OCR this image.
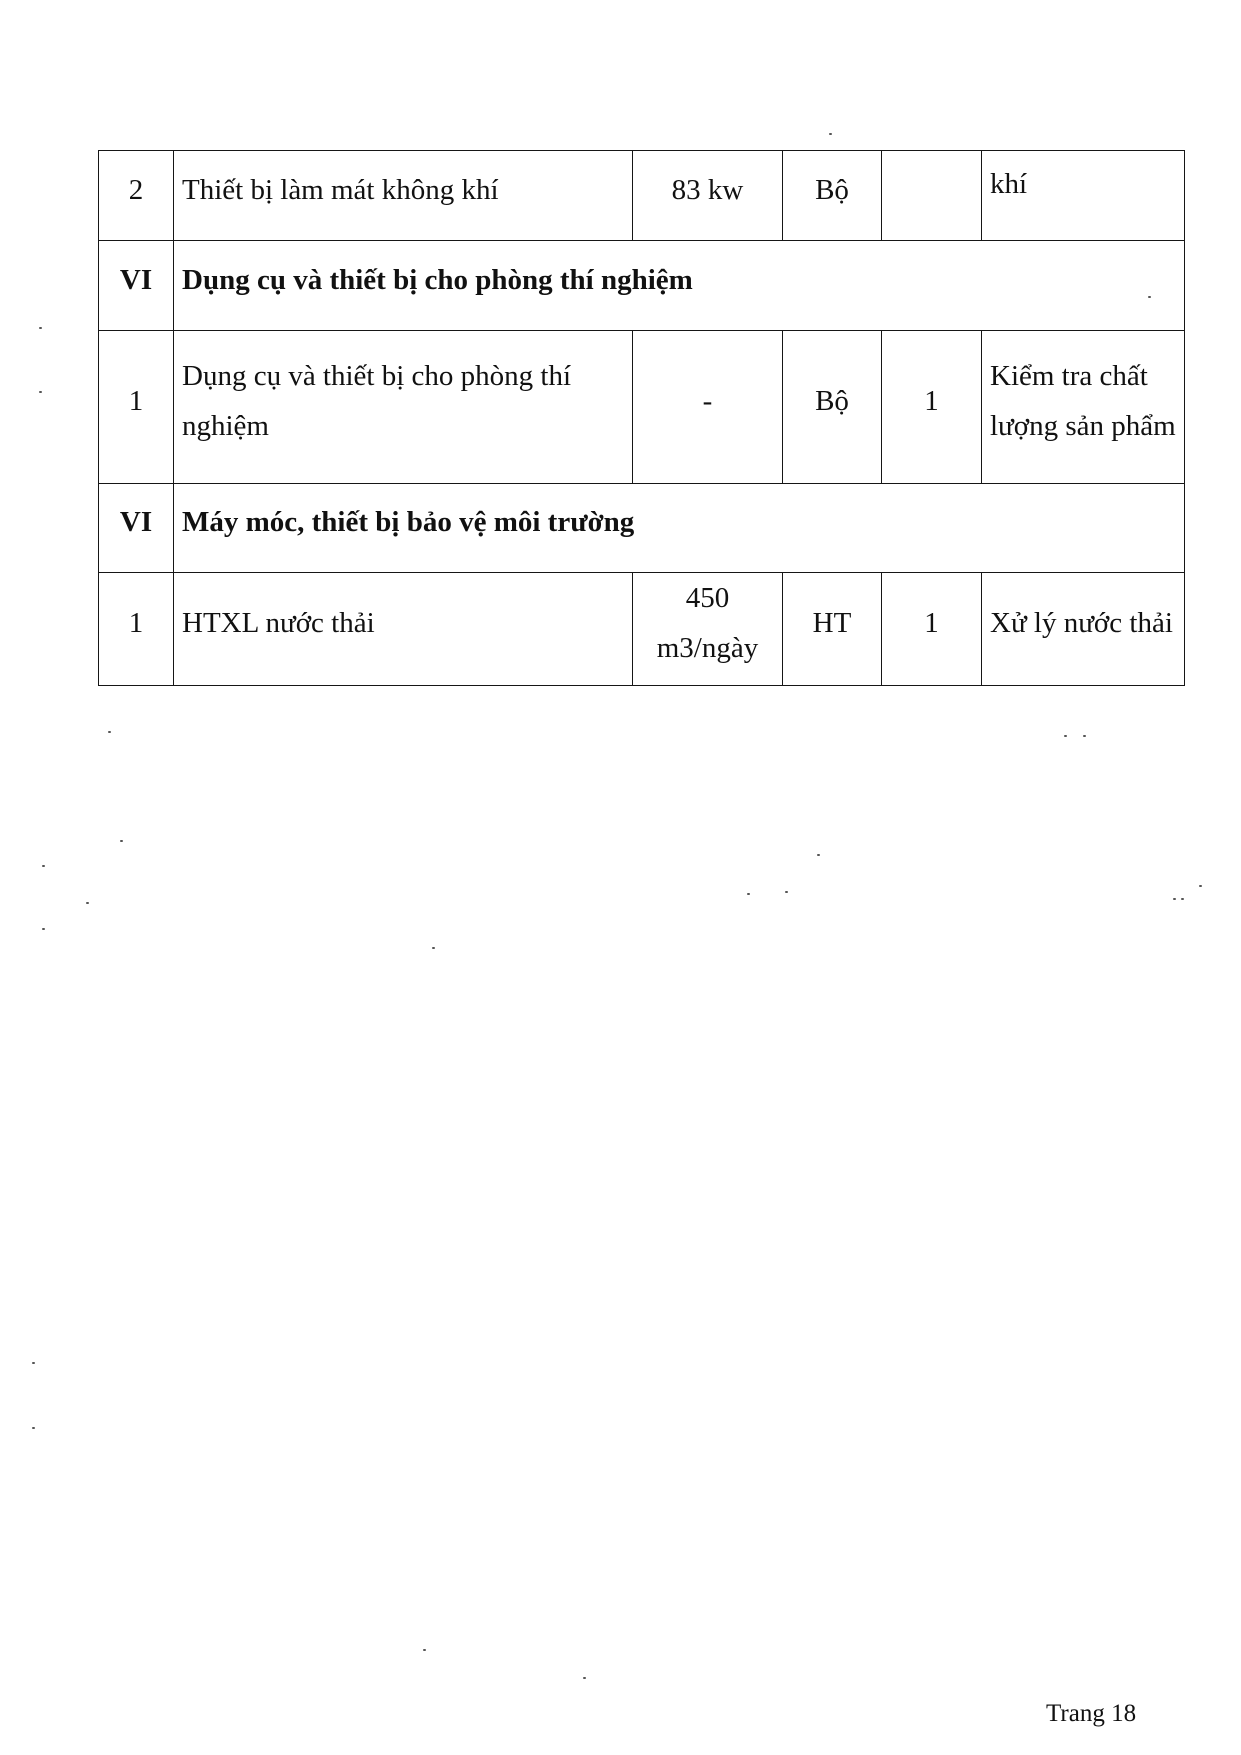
2	Thiết bị làm mát không khí	83 kw	Bộ		khí

VI	Dụng cụ và thiết bị cho phòng thí nghiệm				
1	Dụng cụ và thiết bị cho phòng thí nghiệm	-	Bộ	1	Kiểm tra chất lượng sản phẩm
VI	Máy móc, thiết bị bảo vệ môi trường				
1	HTXL nước thải	450 m3/ngày	HT	1	Xử lý nước thải
Trang 18
